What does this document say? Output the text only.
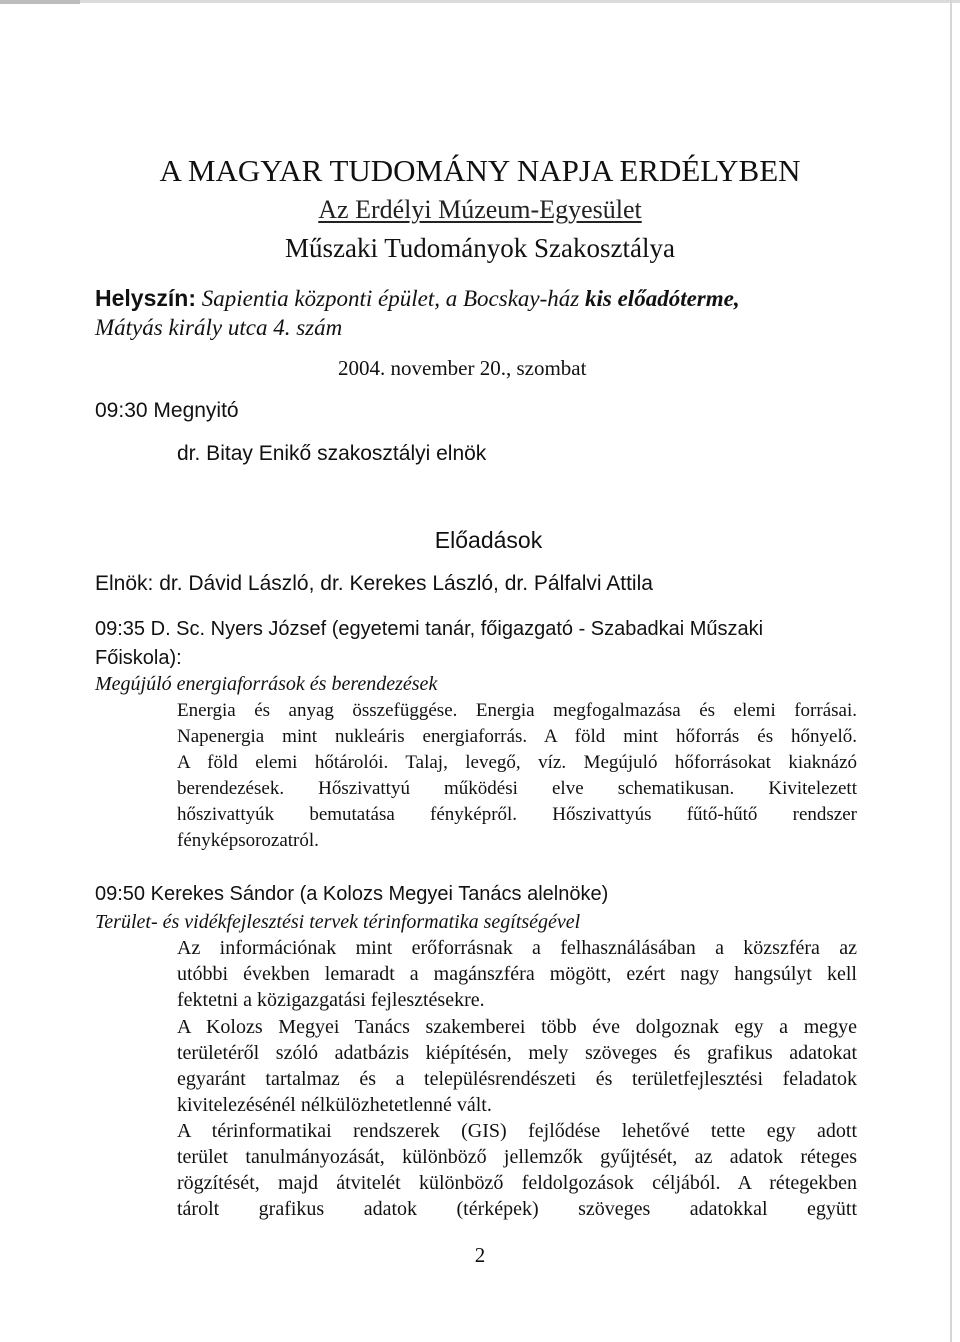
A MAGYAR TUDOMÁNY NAPJA ERDÉLYBEN
Az Erdélyi Múzeum-Egyesület
Műszaki Tudományok Szakosztálya
Helyszín: Sapientia központi épület, a Bocskay-ház kis előadóterme,
Mátyás király utca 4. szám
2004. november 20., szombat
09:30 Megnyitó
dr. Bitay Enikő szakosztályi elnök
Előadások
Elnök: dr. Dávid László, dr. Kerekes László, dr. Pálfalvi Attila
09:35 D. Sc. Nyers József (egyetemi tanár, főigazgató - Szabadkai Műszaki
Főiskola):
Megújúló energiaforrások és berendezések
Energia és anyag összefüggése. Energia megfogalmazása és elemi forrásai.
Napenergia mint nukleáris energiaforrás. A föld mint hőforrás és hőnyelő.
A föld elemi hőtárolói. Talaj, levegő, víz. Megújuló hőforrásokat kiaknázó
berendezések. Hőszivattyú működési elve schematikusan. Kivitelezett
hőszivattyúk bemutatása fényképről. Hőszivattyús fűtő-hűtő rendszer
fényképsorozatról.
09:50 Kerekes Sándor (a Kolozs Megyei Tanács alelnöke)
Terület- és vidékfejlesztési tervek térinformatika segítségével
Az információnak mint erőforrásnak a felhasználásában a közszféra az
utóbbi években lemaradt a magánszféra mögött, ezért nagy hangsúlyt kell
fektetni a közigazgatási fejlesztésekre.
A Kolozs Megyei Tanács szakemberei több éve dolgoznak egy a megye
területéről szóló adatbázis kiépítésén, mely szöveges és grafikus adatokat
egyaránt tartalmaz és a településrendészeti és területfejlesztési feladatok
kivitelezésénél nélkülözhetetlenné vált.
A térinformatikai rendszerek (GIS) fejlődése lehetővé tette egy adott
terület tanulmányozását, különböző jellemzők gyűjtését, az adatok réteges
rögzítését, majd átvitelét különböző feldolgozások céljából. A rétegekben
tárolt grafikus adatok (térképek) szöveges adatokkal együtt
2
